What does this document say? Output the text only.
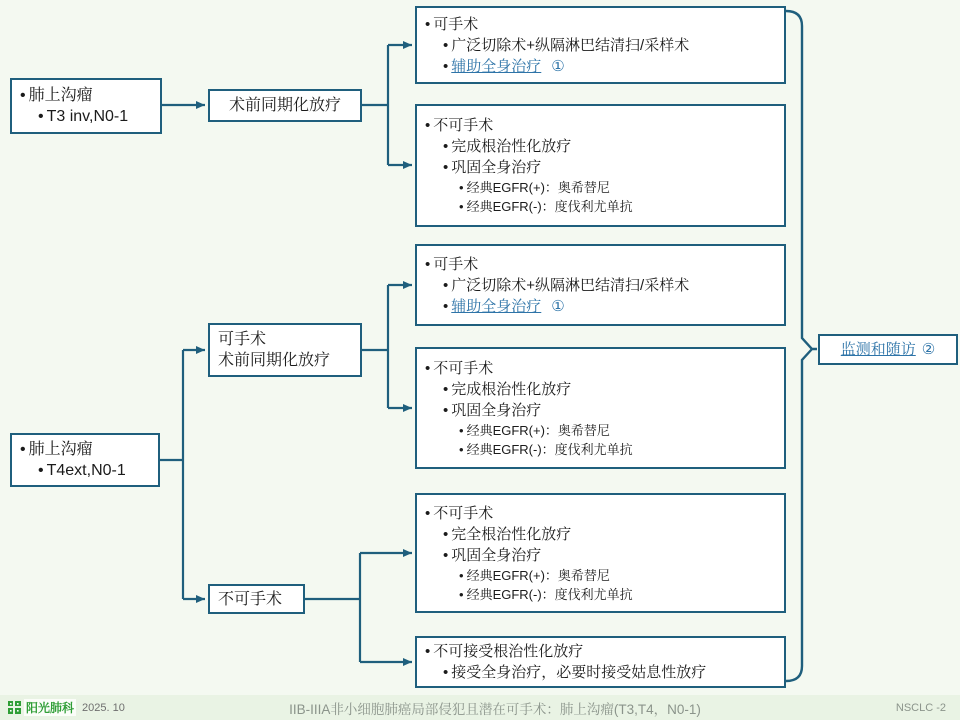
• 肺上沟瘤
• T3 inv,N0-1
术前同期化放疗
• 可手术
• 广泛切除术+纵隔淋巴结清扫/采样术
• 辅助全身治疗 ①
• 不可手术
• 完成根治性化放疗
• 巩固全身治疗
• 经典EGFR(+)：奥希替尼
• 经典EGFR(-)：度伐利尤单抗
可手术
术前同期化放疗
• 可手术
• 广泛切除术+纵隔淋巴结清扫/采样术
• 辅助全身治疗 ①
• 不可手术
• 完成根治性化放疗
• 巩固全身治疗
• 经典EGFR(+)：奥希替尼
• 经典EGFR(-)：度伐利尤单抗
• 肺上沟瘤
• T4ext,N0-1
不可手术
• 不可手术
• 完全根治性化放疗
• 巩固全身治疗
• 经典EGFR(+)：奥希替尼
• 经典EGFR(-)：度伐利尤单抗
• 不可接受根治性化放疗
• 接受全身治疗，必要时接受姑息性放疗
监测和随访 ②
阳光肺科 2025. 10	IIB-IIIA非小细胞肺癌局部侵犯且潜在可手术：肺上沟瘤(T3,T4，N0-1)	NSCLC -2
